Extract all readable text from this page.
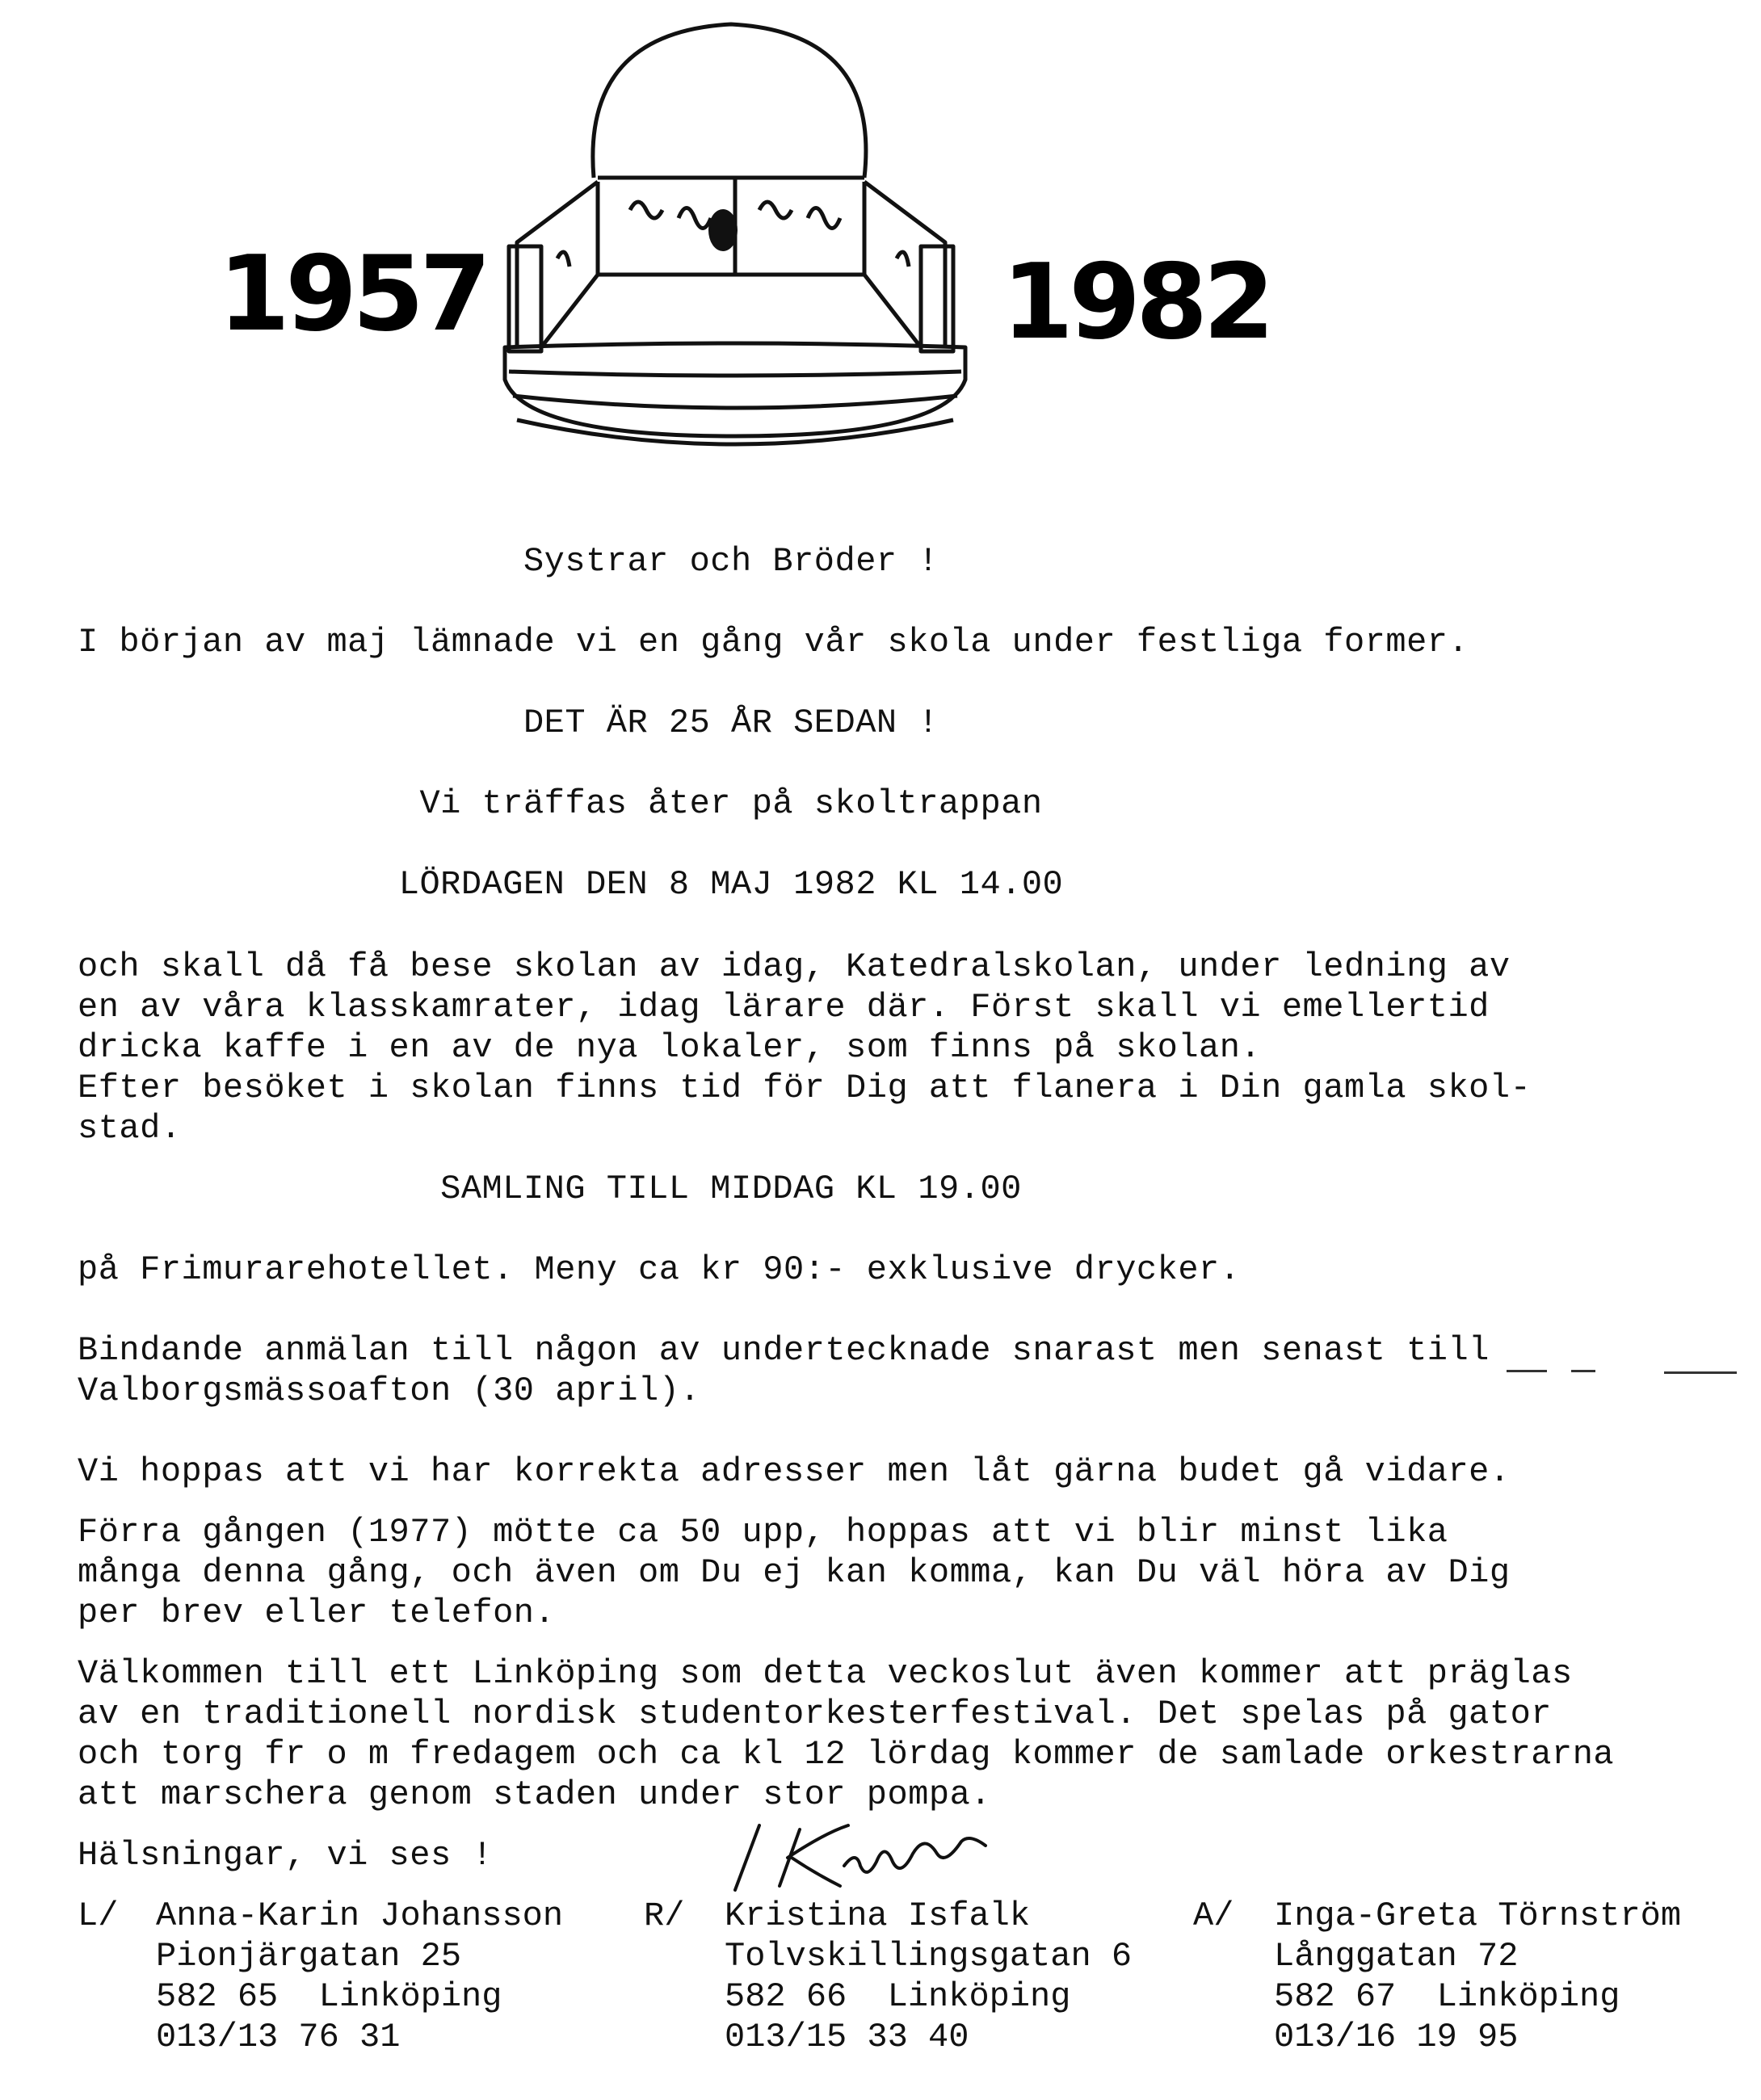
1957	1982
Systrar och Bröder !
I början av maj lämnade vi en gång vår skola under festliga former.
DET ÄR 25 ÅR SEDAN !
Vi träffas åter på skoltrappan
LÖRDAGEN DEN 8 MAJ 1982 KL 14.00
och skall då få bese skolan av idag, Katedralskolan, under ledning av
en av våra klasskamrater, idag lärare där. Först skall vi emellertid
dricka kaffe i en av de nya lokaler, som finns på skolan.
Efter besöket i skolan finns tid för Dig att flanera i Din gamla skol-
stad.
SAMLING TILL MIDDAG KL 19.00
på Frimurarehotellet. Meny ca kr 90:- exklusive drycker.
Bindande anmälan till någon av undertecknade snarast men senast till
Valborgsmässoafton (30 april).
Vi hoppas att vi har korrekta adresser men låt gärna budet gå vidare.
Förra gången (1977) mötte ca 50 upp, hoppas att vi blir minst lika
många denna gång, och även om Du ej kan komma, kan Du väl höra av Dig
per brev eller telefon.
Välkommen till ett Linköping som detta veckoslut även kommer att präglas
av en traditionell nordisk studentorkesterfestival. Det spelas på gator
och torg fr o m fredagem och ca kl 12 lördag kommer de samlade orkestrarna
att marschera genom staden under stor pompa.
Hälsningar, vi ses !
L/ Anna-Karin Johansson
Pionjärgatan 25
582 65  Linköping
013/13 76 31
R/ Kristina Isfalk
Tolvskillingsgatan 6
582 66  Linköping
013/15 33 40
A/ Inga-Greta Törnström
Långgatan 72
582 67  Linköping
013/16 19 95
